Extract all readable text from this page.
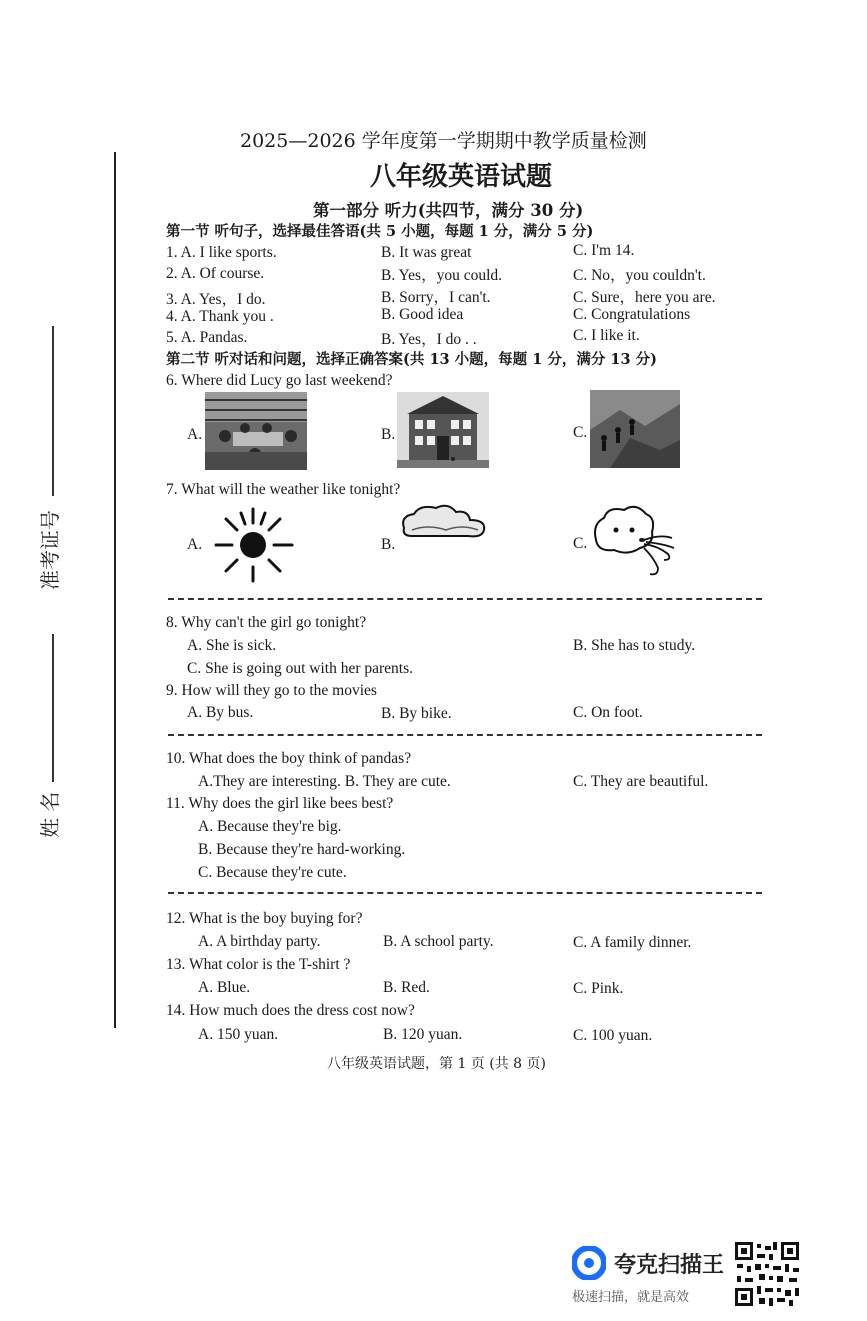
准考证号
姓 名
2025—2026 学年度第一学期期中教学质量检测
八年级英语试题
第一部分 听力(共四节，满分 30 分)
第一节 听句子，选择最佳答语(共 5 小题，每题 1 分，满分 5 分)
1. A. I like sports.	B. It was great	C. I'm 14.
2. A. Of course.	B. Yes，you could.	C. No，you couldn't.
3. A. Yes，I do.	B. Sorry，I can't.	C. Sure，here you are.
4. A. Thank you .	B. Good idea	C. Congratulations
5. A. Pandas.	B. Yes，I do . .	C. I like it.
第二节 听对话和问题，选择正确答案(共 13 小题，每题 1 分，满分 13 分)
6. Where did Lucy go last weekend?
A.	B.	C.
7. What will the weather like tonight?
A.	B.	C.
8. Why can't the girl go tonight?
A. She is sick.	B. She has to study.
C. She is going out with her parents.
9. How will they go to the movies
A. By bus.	B. By bike.	C. On foot.
10. What does the boy think of pandas?
A.They are interesting. B. They are cute.	C. They are beautiful.
11. Why does the girl like bees best?
A. Because they're big.
B. Because they're hard-working.
C. Because they're cute.
12. What is the boy buying for?
A. A birthday party.	B. A school party.	C. A family dinner.
13. What color is the T-shirt ?
A. Blue.	B. Red.	C. Pink.
14. How much does the dress cost now?
A. 150 yuan.	B. 120 yuan.	C. 100 yuan.
八年级英语试题，第 1 页 (共 8 页)
夸克扫描王
极速扫描，就是高效
